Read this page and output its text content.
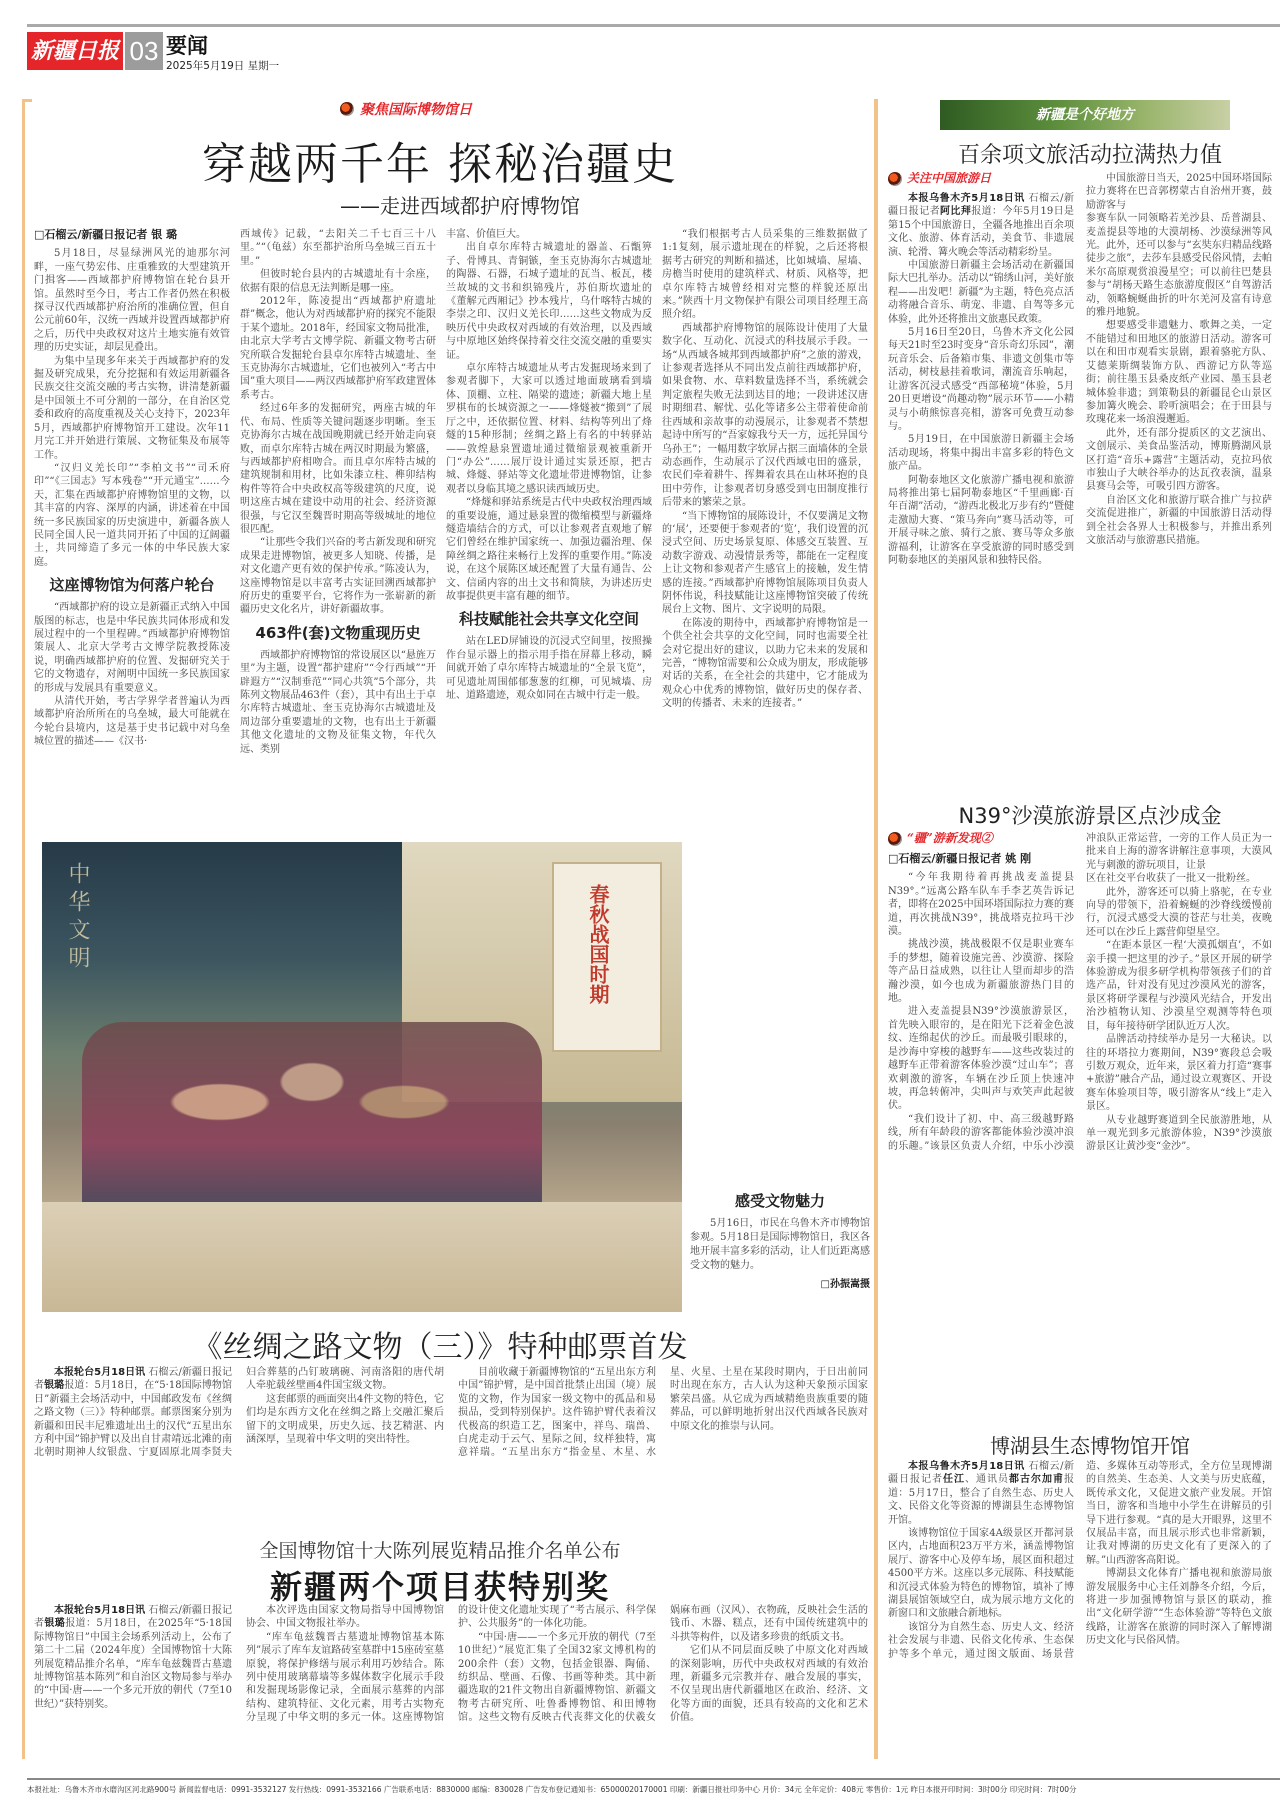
新疆日报 03 要闻
2025年5月19日 星期一
聚焦国际博物馆日
穿越两千年 探秘治疆史
——走进西域都护府博物馆
□石榴云/新疆日报记者 银 璐

5月18日，尽显绿洲风光的迪那尔河畔，一座气势宏伟、庄重雅致的大型建筑开门揖客——西域都护府博物馆在轮台县开馆。虽然时至今日，考古工作者仍然在积极探寻汉代西域都护府治所的准确位置，但自公元前60年，汉统一西域并设置西域都护府之后，历代中央政权对这片土地实施有效管理的历史实证，却层见叠出。

为集中呈现多年来关于西域都护府的发掘及研究成果，充分挖掘和有效运用新疆各民族交往交流交融的考古实物，讲清楚新疆是中国领土不可分割的一部分，在自治区党委和政府的高度重视及关心支持下，2023年5月，西域都护府博物馆开工建设。次年11月完工并开始进行策展、文物征集及布展等工作。

“汉归义羌长印”“李柏文书”“司禾府印”“《三国志》写本残卷”“开元通宝”……今天，汇集在西域都护府博物馆里的文物，以其丰富的内容、深厚的内涵，讲述着在中国统一多民族国家的历史演进中，新疆各族人民同全国人民一道共同开拓了中国的辽阔疆土，共同缔造了多元一体的中华民族大家庭。

这座博物馆为何落户轮台

“西域都护府的设立是新疆正式纳入中国版图的标志，也是中华民族共同体形成和发展过程中的一个里程碑。”西域都护府博物馆策展人、北京大学考古文博学院教授陈凌说，明确西域都护府的位置、发掘研究关于它的文物遗存，对阐明中国统一多民族国家的形成与发展具有重要意义。

从清代开始，考古学界学者普遍认为西域都护府治所所在的乌垒城，最大可能就在今轮台县境内，这是基于史书记载中对乌垒城位置的描述——《汉书·

西域传》记载，“去阳关二千七百三十八里。”“（龟兹）东至都护治所乌垒城三百五十里。”

但彼时轮台县内的古城遗址有十余座，依据有限的信息无法判断是哪一座。

2012年，陈凌提出“西域都护府遗址群”概念，他认为对西域都护府的探究不能限于某个遗址。2018年，经国家文物局批准，由北京大学考古文博学院、新疆文物考古研究所联合发掘轮台县卓尔库特古城遗址、奎玉克协海尔古城遗址，它们也被列入“考古中国”重大项目——两汉西域都护府军政建置体系考古。

经过6年多的发掘研究，两座古城的年代、布局、性质等关键问题逐步明晰。奎玉克协海尔古城在战国晚期就已经开始走向衰败，而卓尔库特古城在两汉时期最为繁盛，与西域都护府相吻合。而且卓尔库特古城的建筑规制和用材，比如朱漆立柱、榫卯结构构件等符合中央政权高等级建筑的尺度，说明这座古城在建设中动用的社会、经济资源很强，与它汉至魏晋时期高等级城址的地位很匹配。

“让那些令我们兴奋的考古新发现和研究成果走进博物馆，被更多人知晓、传播，是对文化遗产更有效的保护传承。”陈凌认为，这座博物馆是以丰富考古实证回溯西域都护府历史的重要平台，它将作为一张崭新的新疆历史文化名片，讲好新疆故事。

463件(套)文物重现历史

西域都护府博物馆的常设展区以“悬旌万里”为主题，设置“都护建府”“令行西域”“开辟遐方”“汉制垂范”“同心共筑”5个部分，共陈列文物展品463件（套），其中有出土于卓尔库特古城遗址、奎玉克协海尔古城遗址及周边部分重要遗址的文物，也有出土于新疆其他文化遗址的文物及征集文物，年代久远、类别

丰富、价值巨大。

出自卓尔库特古城遗址的器盖、石甑箅子、骨博具、青铜镞，奎玉克协海尔古城遗址的陶器、石器，石城子遗址的瓦当、板瓦，楼兰故城的文书和织锦残片，苏伯斯坎遗址的《董解元西厢记》抄本残片，乌什喀特古城的李崇之印、汉归义羌长印……这些文物成为反映历代中央政权对西域的有效治理，以及西域与中原地区始终保持着交往交流交融的重要实证。

卓尔库特古城遗址从考古发掘现场来到了参观者脚下，大家可以透过地面玻璃看到墙体、顶棚、立柱、隔梁的遗迹；新疆大地上星罗棋布的长城资源之一——烽燧被“搬到”了展厅之中，还依据位置、材料、结构等列出了烽燧的15种形制；丝绸之路上有名的中转驿站——敦煌悬泉置遗址通过微缩景观被重新开门“办公”……展厅设计通过实景还原，把古城、烽燧、驿站等文化遗址带进博物馆，让参观者以身临其境之感识读西域历史。

“烽燧和驿站系统是古代中央政权治理西域的重要设施，通过悬泉置的微缩模型与新疆烽燧造墙结合的方式，可以让参观者直观地了解它们曾经在维护国家统一、加强边疆治理、保障丝绸之路往来畅行上发挥的重要作用。”陈凌说，在这个展陈区域还配置了大量有通告、公文、信函内容的出土文书和简牍，为讲述历史故事提供更丰富有趣的细节。

科技赋能社会共享文化空间

站在LED屏铺设的沉浸式空间里，按照操作台显示器上的指示用手指在屏幕上移动，瞬间就开始了卓尔库特古城遗址的“全景飞览”，可见遗址周围郁郁葱葱的红柳，可见城墙、房址、道路遗迹，观众如同在古城中行走一般。

“我们根据考古人员采集的三维数据做了1:1复刻，展示遗址现在的样貌，之后还将根据考古研究的判断和描述，比如城墙、屋墙、房檐当时使用的建筑样式、材质、风格等，把卓尔库特古城曾经相对完整的样貌还原出来。”陕西十月文物保护有限公司项目经理王高照介绍。

西域都护府博物馆的展陈设计使用了大量数字化、互动化、沉浸式的科技展示手段。一场“从西域各城邦到西域都护府”之旅的游戏，让参观者选择从不同出发点前往西域都护府，如果食物、水、草料数量选择不当，系统就会判定旅程失败无法到达目的地；一段讲述汉唐时期细君、解忧、弘化等诸多公主带着使命前往西域和亲故事的动漫展示，让参观者不禁想起诗中所写的“吾家嫁我兮天一方，远托异国兮乌孙王”；一幅用数字软屏占据三面墙体的全景动态画作，生动展示了汉代西域屯田的盛景，农民们牵着耕牛、挥舞着农具在山林环抱的良田中劳作，让参观者切身感受到屯田制度推行后带来的繁荣之景。

“当下博物馆的展陈设计，不仅要满足文物的‘展’，还要便于参观者的‘览’，我们设置的沉浸式空间、历史场景复原、体感交互装置、互动数字游戏、动漫情景秀等，都能在一定程度上让文物和参观者产生感官上的接触，发生情感的连接。”西域都护府博物馆展陈项目负责人阴怀伟说，科技赋能让这座博物馆突破了传统展台上文物、图片、文字说明的局限。

在陈凌的期待中，西域都护府博物馆是一个供全社会共享的文化空间，同时也需要全社会对它提出好的建议，以助力它未来的发展和完善，“博物馆需要和公众成为朋友，形成能够对话的关系，在全社会的共建中，它才能成为观众心中优秀的博物馆，做好历史的保存者、文明的传播者、未来的连接者。”

中华文明	春秋战国时期
感受文物魅力
5月16日，市民在乌鲁木齐市博物馆参观。5月18日是国际博物馆日，我区各地开展丰富多彩的活动，让人们近距离感受文物的魅力。
□孙振嵩摄
《丝绸之路文物（三）》特种邮票首发

本报轮台5月18日讯 石榴云/新疆日报记者银璐报道：5月18日，在“5·18国际博物馆日”新疆主会场活动中，中国邮政发布《丝绸之路文物（三）》特种邮票。邮票图案分别为新疆和田民丰尼雅遗址出土的汉代“五星出东方利中国”锦护臂以及出自甘肃靖远北滩的南北朝时期神人纹银盘、宁夏固原北周李贤夫妇合葬墓的凸钉玻璃碗、河南洛阳的唐代胡人牵驼载丝壁画4件国宝级文物。

这套邮票的画面突出4件文物的特色，它们均是东西方文化在丝绸之路上交融汇聚后留下的文明成果，历史久远、技艺精湛、内涵深厚，呈现着中华文明的突出特性。

目前收藏于新疆博物馆的“五星出东方利中国”锦护臂，是中国首批禁止出国（境）展览的文物，作为国家一级文物中的孤品和易损品，受到特别保护。这件锦护臂代表着汉代极高的织造工艺，图案中，祥鸟、瑞兽、白虎走动于云气、星际之间，纹样独特，寓意祥瑞。“五星出东方”指金星、木星、水星、火星、土星在某段时期内，于日出前同时出现在东方，古人认为这种天象预示国家繁荣昌盛。从它成为西域精绝贵族重要的随葬品，可以鲜明地折射出汉代西域各民族对中原文化的推崇与认同。

全国博物馆十大陈列展览精品推介名单公布
新疆两个项目获特别奖

本报轮台5月18日讯 石榴云/新疆日报记者银璐报道：5月18日，在2025年“5·18国际博物馆日”中国主会场系列活动上，公布了第二十二届（2024年度）全国博物馆十大陈列展览精品推介名单，“库车龟兹魏晋古墓遗址博物馆基本陈列”和自治区文物局参与举办的“中国·唐——一个多元开放的朝代（7至10世纪）”获特别奖。

本次评选由国家文物局指导中国博物馆协会、中国文物报社举办。

“库车龟兹魏晋古墓遗址博物馆基本陈列”展示了库车友谊路砖室墓群中15座砖室墓原貌，将保护修缮与展示利用巧妙结合。陈列中使用玻璃幕墙等多媒体数字化展示手段和发掘现场影像记录，全面展示墓葬的内部结构、建筑特征、文化元素，用考古实物充分呈现了中华文明的多元一体。这座博物馆的设计使文化遗址实现了“考古展示、科学保护、公共服务”的一体化功能。

“中国·唐——一个多元开放的朝代（7至10世纪）”展览汇集了全国32家文博机构的200余件（套）文物，包括金银器、陶俑、纺织品、壁画、石像、书画等种类。其中新疆选取的21件文物出自新疆博物馆、新疆文物考古研究所、吐鲁番博物馆、和田博物馆。这些文物有反映古代丧葬文化的伏羲女娲麻布画（汉风）、衣物疏，反映社会生活的钱币、木器、糕点，还有中国传统建筑中的斗拱等构件，以及诸多珍贵的纸质文书。

它们从不同层面反映了中原文化对西域的深刻影响，历代中央政权对西域的有效治理，新疆多元宗教并存、融合发展的事实，不仅呈现出唐代新疆地区在政治、经济、文化等方面的面貌，还具有较高的文化和艺术价值。

新疆是个好地方
百余项文旅活动拉满热力值
关注中国旅游日

本报乌鲁木齐5月18日讯 石榴云/新疆日报记者阿比拜报道：今年5月19日是第15个中国旅游日，全疆各地推出百余项文化、旅游、体育活动，美食节、非遗展演、轮滑、篝火晚会等活动精彩纷呈。

中国旅游日新疆主会场活动在新疆国际大巴扎举办。活动以“锦绣山河，美好旅程——出发吧！新疆”为主题，特色亮点活动将融合音乐、萌宠、非遗、自驾等多元体验，此外还将推出文旅惠民政策。

5月16日至20日，乌鲁木齐文化公园每天21时至23时变身“音乐奇幻乐园”，潮玩音乐会、后备箱市集、非遗文创集市等活动，树枝悬挂着歌词，潮流音乐响起，让游客沉浸式感受“西部秘境”体验，5月20日更增设“尚趣动物”展示环节——小精灵与小萌熊惊喜亮相，游客可免费互动参与。

5月19日，在中国旅游日新疆主会场活动现场，将集中揭出丰富多彩的特色文旅产品。

阿勒泰地区文化旅游广播电视和旅游局将推出第七届阿勒泰地区“千里画廊·百年百湖”活动，“游西北极北万步有约”暨健走激励大赛、“策马奔向”赛马活动等，可开展寻味之旅、骑行之旅、赛马等众多旅游福利，让游客在享受旅游的同时感受到阿勒泰地区的美丽风景和独特民俗。

中国旅游日当天，2025中国环塔国际拉力赛将在巴音郭楞蒙古自治州开赛，鼓励游客与

参赛车队一同领略若羌沙县、岳普湖县、麦盖提县等地的大漠胡杨、沙漠绿洲等风光。此外，还可以参与“玄奘东归精品线路徒步之旅”，去莎车县感受民俗风情，去帕米尔高原观赏浪漫星空；可以前往巴楚县参与“胡杨天路生态旅游度假区”自驾游活动，领略蜿蜒曲折的叶尔羌河及富有诗意的雅丹地貌。

想要感受非遗魅力、歌舞之美，一定不能错过和田地区的旅游日活动。游客可以在和田市观看实景剧，跟着骆驼方队、艾德莱斯绸装饰方队、西游记方队等巡街；前往墨玉县桑皮纸产业园、墨玉县老城体验非遗；到策勒县的新疆昆仑山景区参加篝火晚会、聆听演唱会；在于田县与玫瑰花来一场浪漫邂逅。

此外，还有部分提质区的文艺演出、文创展示、美食品鉴活动，博斯腾湖风景区打造“音乐+露营”主题活动，克拉玛依市独山子大峡谷举办的达瓦孜表演，温泉县赛马会等，可吸引四方游客。

自治区文化和旅游厅联合推广与拉萨交流促进推广，新疆的中国旅游日活动得到全社会各界人士积极参与，并推出系列文旅活动与旅游惠民措施。

N39°沙漠旅游景区点沙成金
“疆”游新发现②
□石榴云/新疆日报记者 姚 刚

“今年我期待着再挑战麦盖提县N39°。”远离公路车队车手李艺英告诉记者，即将在2025中国环塔国际拉力赛的赛道，再次挑战N39°，挑战塔克拉玛干沙漠。

挑战沙漠，挑战极限不仅是职业赛车手的梦想，随着设施完善、沙漠游、探险等产品日益成熟，以往让人望而却步的浩瀚沙漠，如今也成为新疆旅游热门目的地。

进入麦盖提县N39°沙漠旅游景区，首先映入眼帘的，是在阳光下泛着金色波纹、连绵起伏的沙丘。而最吸引眼球的，是沙海中穿梭的越野车——这些改装过的越野车正带着游客体验沙漠“过山车”；喜欢刺激的游客，车辆在沙丘顶上快速冲坡，再急转俯冲，尖叫声与欢笑声此起彼伏。

“我们设计了初、中、高三级越野路线，所有年龄段的游客都能体验沙漠冲浪的乐趣。”该景区负责人介绍，中乐小沙漠冲浪队正常运营，一旁的工作人员正为一批来自上海的游客讲解注意事项，大漠风光与刺激的游玩项目，让景

区在社交平台收获了一批又一批粉丝。

此外，游客还可以骑上骆驼，在专业向导的带领下，沿着蜿蜒的沙脊线缓慢前行，沉浸式感受大漠的苍茫与壮美，夜晚还可以在沙丘上露营仰望星空。

“在距本景区一程‘大漠孤烟直’，不如亲手摸一把这里的沙子。”景区开展的研学体验游成为很多研学机构带领孩子们的首选产品，针对没有见过沙漠风光的游客，景区将研学课程与沙漠风光结合，开发出治沙植物认知、沙漠星空观测等特色项目，每年接待研学团队近万人次。

品牌活动持续举办是另一大秘诀。以往的环塔拉力赛期间，N39°赛段总会吸引数万观众，近年来，景区着力打造“赛事+旅游”融合产品，通过设立观赛区、开设赛车体验项目等，吸引游客从“线上”走入景区。

从专业越野赛道到全民旅游胜地，从单一观光到多元旅游体验，N39°沙漠旅游景区让黄沙变“金沙”。

博湖县生态博物馆开馆

本报乌鲁木齐5月18日讯 石榴云/新疆日报记者任江、通讯员都古尔加甫报道：5月17日，整合了自然生态、历史人文、民俗文化等资源的博湖县生态博物馆开馆。

该博物馆位于国家4A级景区开都河景区内，占地面积23万平方米，涵盖博物馆展厅、游客中心及停车场，展区面积超过4500平方米。这座以多元展陈、科技赋能和沉浸式体验为特色的博物馆，填补了博湖县展馆领域空白，成为展示地方文化的新窗口和文旅融合新地标。

该馆分为自然生态、历史人文、经济社会发展与非遗、民俗文化传承、生态保护等多个单元，通过图文版面、场景营造、多媒体互动等形式，全方位呈现博湖的自然美、生态美、人文美与历史底蕴，既传承文化，又促进文旅产业发展。开馆当日，游客和当地中小学生在讲解员的引导下进行参观。“真的是大开眼界，这里不仅展品丰富，而且展示形式也非常新颖，让我对博湖的历史文化有了更深入的了解。”山西游客高阳说。

博湖县文化体育广播电视和旅游局旅游发展服务中心主任刘静冬介绍，今后，将进一步加强博物馆与景区的联动，推出“文化研学游”“生态体验游”等特色文旅线路，让游客在旅游的同时深入了解博湖历史文化与民俗风情。

本报社址：乌鲁木齐市水磨沟区河北路900号 新闻监督电话：0991-3532127 发行热线：0991-3532166 广告联系电话：8830000 邮编：830028 广告发布登记通知书：65000020170001 印刷：新疆日报社印务中心 月价：34元 全年定价：408元 零售价：1元 昨日本报开印时间：3时00分 印完时间：7时00分
